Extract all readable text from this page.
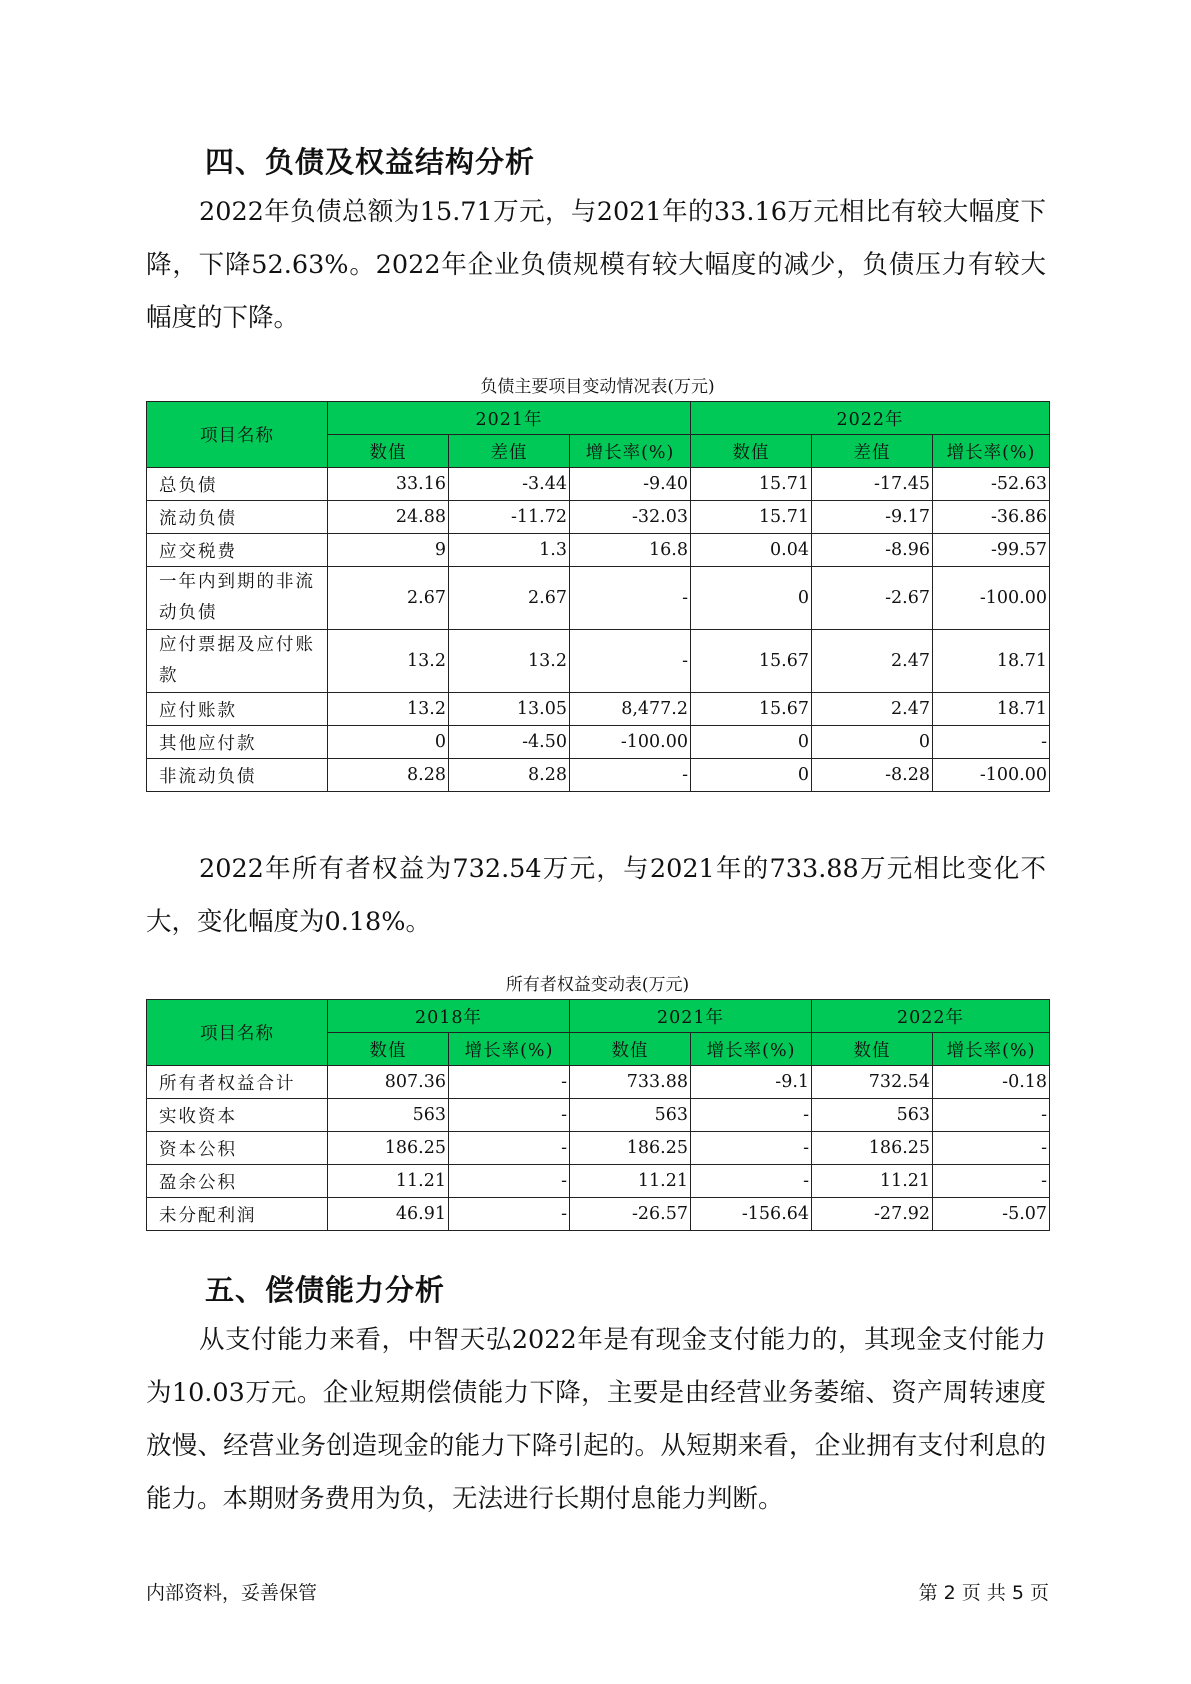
四、负债及权益结构分析

2022年负债总额为15.71万元，与2021年的33.16万元相比有较大幅度下降，下降52.63%。2022年企业负债规模有较大幅度的减少，负债压力有较大幅度的下降。

负债主要项目变动情况表(万元)
项目名称	2021年			2022年		
	数值	差值	增长率(%)	数值	差值	增长率(%)
总负债	33.16	-3.44	-9.40	15.71	-17.45	-52.63
流动负债	24.88	-11.72	-32.03	15.71	-9.17	-36.86
应交税费	9	1.3	16.8	0.04	-8.96	-99.57
一年内到期的非流动负债	2.67	2.67	-	0	-2.67	-100.00
应付票据及应付账款	13.2	13.2	-	15.67	2.47	18.71
应付账款	13.2	13.05	8,477.2	15.67	2.47	18.71
其他应付款	0	-4.50	-100.00	0	0	-
非流动负债	8.28	8.28	-	0	-8.28	-100.00

2022年所有者权益为732.54万元，与2021年的733.88万元相比变化不大，变化幅度为0.18%。

所有者权益变动表(万元)
项目名称	2018年		2021年		2022年	
	数值	增长率(%)	数值	增长率(%)	数值	增长率(%)
所有者权益合计	807.36	-	733.88	-9.1	732.54	-0.18
实收资本	563	-	563	-	563	-
资本公积	186.25	-	186.25	-	186.25	-
盈余公积	11.21	-	11.21	-	11.21	-
未分配利润	46.91	-	-26.57	-156.64	-27.92	-5.07
五、偿债能力分析

从支付能力来看，中智天弘2022年是有现金支付能力的，其现金支付能力为10.03万元。企业短期偿债能力下降，主要是由经营业务萎缩、资产周转速度放慢、经营业务创造现金的能力下降引起的。从短期来看，企业拥有支付利息的能力。本期财务费用为负，无法进行长期付息能力判断。

内部资料，妥善保管	第 2 页 共 5 页
